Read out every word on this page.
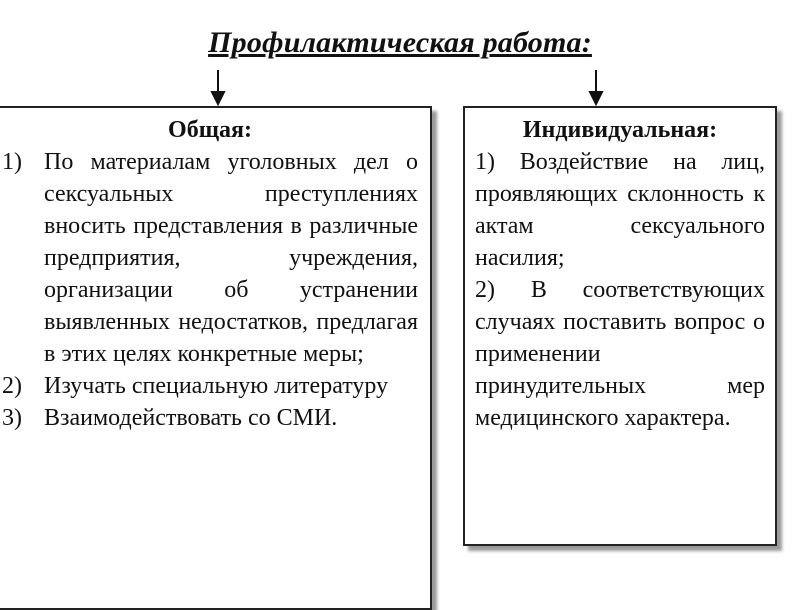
Профилактическая работа:
Общая:
1) По материалам уголовных дел о сексуальных преступлениях вносить представления в различные предприятия, учреждения, организации об устранении выявленных недостатков, предлагая в этих целях конкретные меры;
2) Изучать специальную литературу
3) Взаимодействовать со СМИ.
Индивидуальная:
1) Воздействие на лиц, проявляющих склонность к актам сексуального насилия;
2) В соответствующих случаях поставить вопрос о применении принудительных мер медицинского характера.
